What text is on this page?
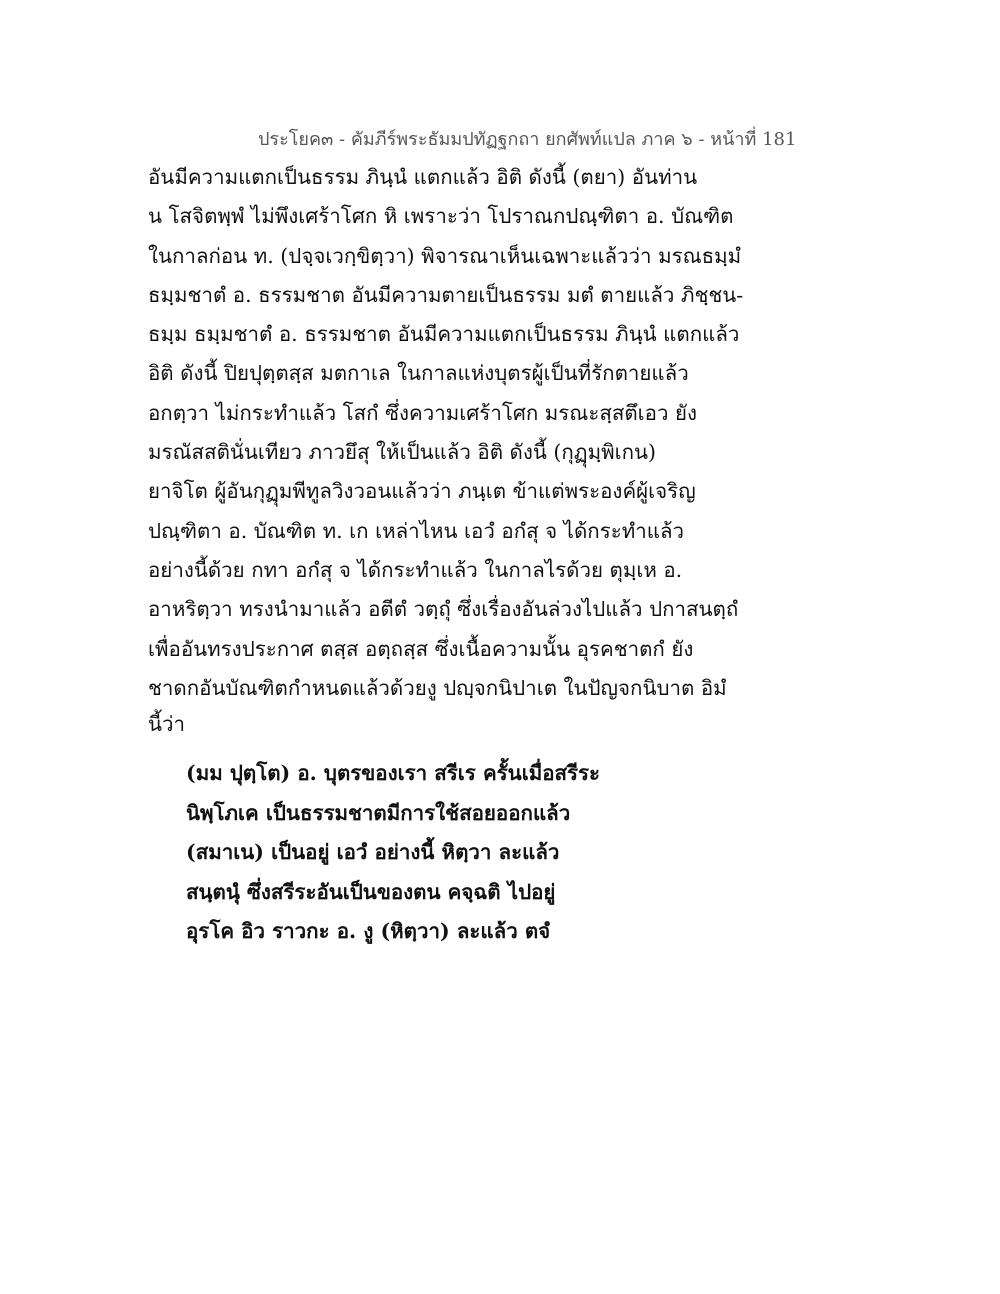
ประโยค๓ - คัมภีร์พระธัมมปทัฏฐกถา ยกศัพท์แปล ภาค ๖ - หน้าที่ 181
อันมีความแตกเป็นธรรม ภินฺนํ แตกแล้ว อิติ ดังนี้ (ตยา) อันท่าน
น โสจิตพฺพํ ไม่พึงเศร้าโศก หิ เพราะว่า โปราณกปณฺฑิตา อ. บัณฑิต
ในกาลก่อน ท. (ปจฺจเวกฺขิตฺวา) พิจารณาเห็นเฉพาะแล้วว่า มรณธมฺมํ
ธมฺมชาตํ อ. ธรรมชาต อันมีความตายเป็นธรรม มตํ ตายแล้ว ภิชฺชน-
ธมฺม ธมฺมชาตํ อ. ธรรมชาต อันมีความแตกเป็นธรรม ภินฺนํ แตกแล้ว
อิติ ดังนี้ ปิยปุตฺตสฺส มตกาเล ในกาลแห่งบุตรผู้เป็นที่รักตายแล้ว
อกตฺวา ไม่กระทำแล้ว โสกํ ซึ่งความเศร้าโศก มรณะสฺสตึเอว ยัง
มรณัสสตินั่นเทียว ภาวยึสุ ให้เป็นแล้ว อิติ ดังนี้ (กุฏุมฺพิเกน)
ยาจิโต ผู้อันกุฏุมพีทูลวิงวอนแล้วว่า ภนฺเต ข้าแต่พระองค์ผู้เจริญ
ปณฺฑิตา อ. บัณฑิต ท. เก เหล่าไหน เอวํ อกํสุ จ ได้กระทำแล้ว
อย่างนี้ด้วย กทา อกํสุ จ ได้กระทำแล้ว ในกาลไรด้วย ตุมฺเห อ.
อาหริตฺวา ทรงนำมาแล้ว อตีตํ วตฺถุํ ซึ่งเรื่องอันล่วงไปแล้ว ปกาสนตฺถํ
เพื่ออันทรงประกาศ ตสฺส อตฺถสฺส ซึ่งเนื้อความนั้น อุรคชาตกํ ยัง
ชาดกอันบัณฑิตกำหนดแล้วด้วยงู ปญฺจกนิปาเต ในปัญจกนิบาต อิมํ
นี้ว่า
(มม ปุตฺโต) อ. บุตรของเรา สรีเร ครั้นเมื่อสรีระ
นิพฺโภเค เป็นธรรมชาตมีการใช้สอยออกแล้ว
(สมาเน) เป็นอยู่ เอวํ อย่างนี้ หิตฺวา ละแล้ว
สนฺตนุํ ซึ่งสรีระอันเป็นของตน คจฺฉติ ไปอยู่
อุรโค อิว ราวกะ อ. งู (หิตฺวา) ละแล้ว ตจํ
